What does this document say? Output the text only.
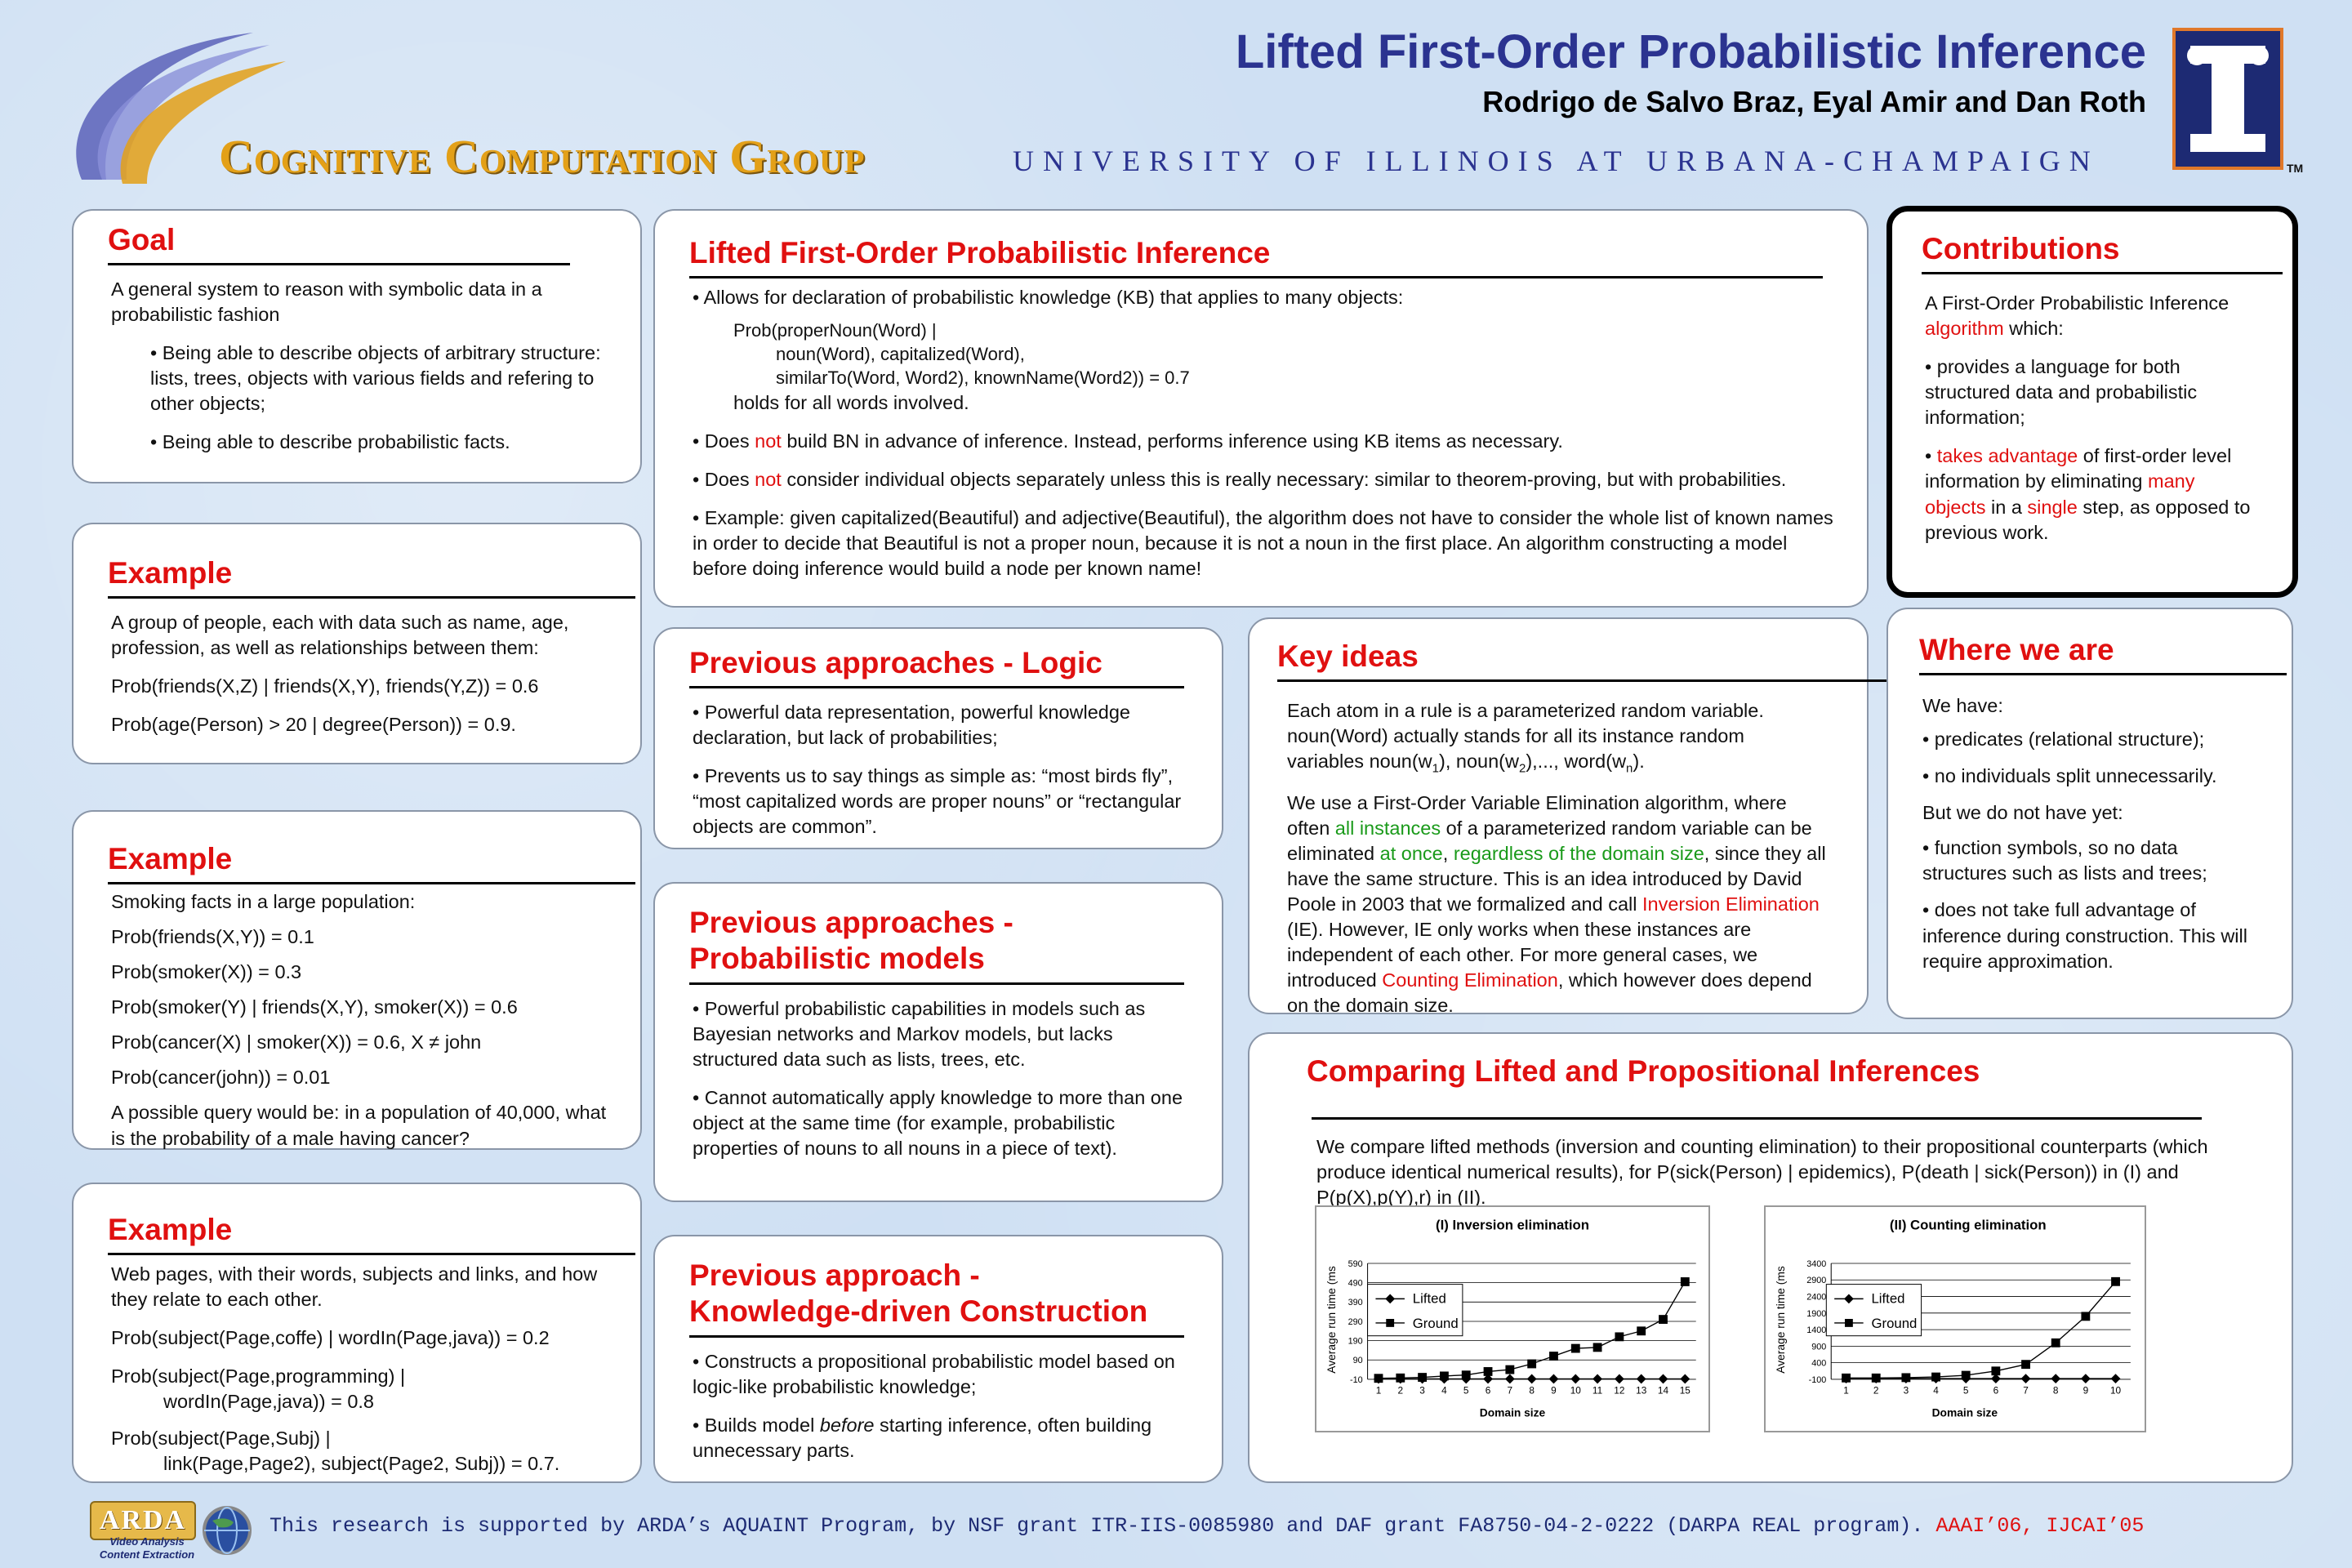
Lifted First-Order Probabilistic Inference
Rodrigo de Salvo Braz, Eyal Amir and Dan Roth
Cognitive Computation Group	UNIVERSITY OF ILLINOIS AT URBANA-CHAMPAIGN	TM
Goal

A general system to reason with symbolic data in a probabilistic fashion

• Being able to describe objects of arbitrary structure: lists, trees, objects with various fields and refering to other objects;

• Being able to describe probabilistic facts.

Example

A group of people, each with data such as name, age, profession, as well as relationships between them:

Prob(friends(X,Z) | friends(X,Y), friends(Y,Z)) = 0.6

Prob(age(Person) > 20 | degree(Person)) = 0.9.

Example

Smoking facts in a large population:

Prob(friends(X,Y)) = 0.1

Prob(smoker(X)) = 0.3

Prob(smoker(Y) | friends(X,Y), smoker(X)) = 0.6

Prob(cancer(X) | smoker(X)) = 0.6, X ≠ john

Prob(cancer(john)) = 0.01

A possible query would be: in a population of 40,000, what is the probability of a male having cancer?

Example

Web pages, with their words, subjects and links, and how they relate to each other.

Prob(subject(Page,coffe) | wordIn(Page,java)) = 0.2

Prob(subject(Page,programming) |
wordIn(Page,java)) = 0.8

Prob(subject(Page,Subj) |
link(Page,Page2), subject(Page2, Subj)) = 0.7.

Lifted First-Order Probabilistic Inference

• Allows for declaration of probabilistic knowledge (KB) that applies to many objects:

Prob(properNoun(Word) |
noun(Word), capitalized(Word),
similarTo(Word, Word2), knownName(Word2)) = 0.7
holds for all words involved.

• Does not build BN in advance of inference. Instead, performs inference using KB items as necessary.

• Does not consider individual objects separately unless this is really necessary: similar to theorem-proving, but with probabilities.

• Example: given capitalized(Beautiful) and adjective(Beautiful), the algorithm does not have to consider the whole list of known names in order to decide that Beautiful is not a proper noun, because it is not a noun in the first place. An algorithm constructing a model before doing inference would build a node per known name!

Contributions

A First-Order Probabilistic Inference algorithm which:

• provides a language for both structured data and probabilistic information;

• takes advantage of first-order level information by eliminating many objects in a single step, as opposed to previous work.

Previous approaches - Logic

• Powerful data representation, powerful knowledge declaration, but lack of probabilities;

• Prevents us to say things as simple as: “most birds fly”, “most capitalized words are proper nouns” or “rectangular objects are common”.

Previous approaches -
Probabilistic models

• Powerful probabilistic capabilities in models such as Bayesian networks and Markov models, but lacks structured data such as lists, trees, etc.

• Cannot automatically apply knowledge to more than one object at the same time (for example, probabilistic properties of nouns to all nouns in a piece of text).

Previous approach -
Knowledge-driven Construction

• Constructs a propositional probabilistic model based on logic-like probabilistic knowledge;

• Builds model before starting inference, often building unnecessary parts.

Key ideas

Each atom in a rule is a parameterized random variable. noun(Word) actually stands for all its instance random variables $noun(w_1)$, $noun(w_2)$,..., $word(w_n)$.

We use a First-Order Variable Elimination algorithm, where often all instances of a parameterized random variable can be eliminated at once, regardless of the domain size, since they all have the same structure. This is an idea introduced by David Poole in 2003 that we formalized and call Inversion Elimination (IE). However, IE only works when these instances are independent of each other. For more general cases, we introduced Counting Elimination, which however does depend on the domain size.

Where we are

We have:

• predicates (relational structure);

• no individuals split unnecessarily.

But we do not have yet:

• function symbols, so no data structures such as lists and trees;

• does not take full advantage of inference during construction. This will require approximation.

Comparing Lifted and Propositional Inferences

We compare lifted methods (inversion and counting elimination) to their propositional counterparts (which produce identical numerical results), for P(sick(Person) | epidemics), P(death | sick(Person)) in (I) and P(p(X),p(Y),r) in (II).

(I) Inversion elimination
Average run time (ms
Domain size
-10
90
190
290
390
490
590
1 2 3 4 5 6 7 8 9 10 11 12 13 14 15
Lifted
Ground
(II) Counting elimination
Average run time (ms
Domain size
-100
400
900
1400
1900
2400
2900
3400
1	2	3	4	5	6	7	8	9 10
Lifted
Ground
ARDA
Video Analysis
Content Extraction
This research is supported by ARDA’s AQUAINT Program, by NSF grant ITR-IIS-0085980 and DAF grant FA8750-04-2-0222 (DARPA REAL program). AAAI’06, IJCAI’05
